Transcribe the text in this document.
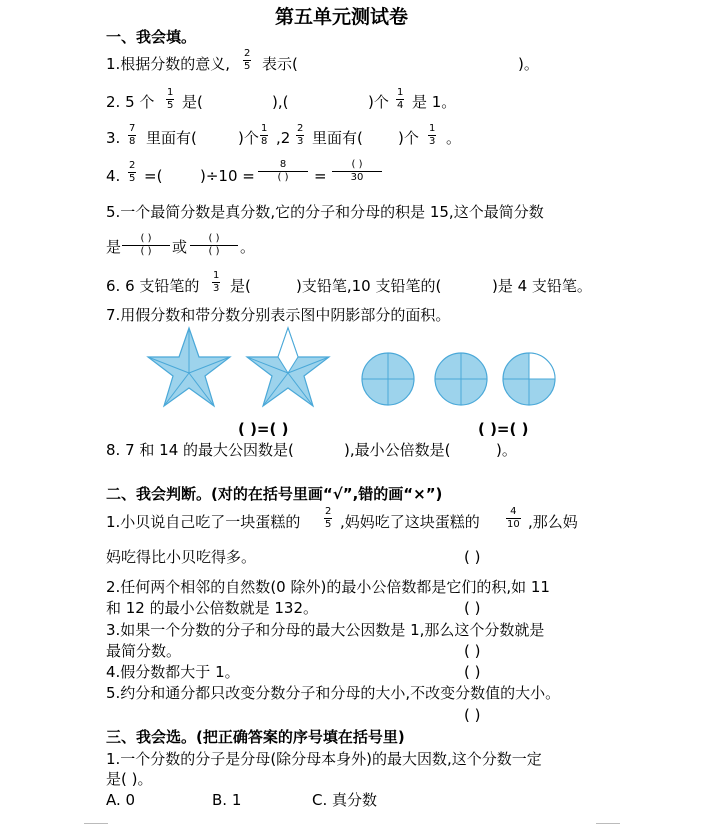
第五单元测试卷
一、我会填。
1.根据分数的意义,
2
5 表示(	)。
2. 5 个
1
5 是(	),(	)个
1
4 是 1。
3.
7
8 里面有(	)个
1
8 ,2
2
3 里面有( )个
1
3 。
4.
2
5 =(	)÷10 =
8
( )	=
( )
30
5.一个最简分数是真分数,它的分子和分母的积是 15,这个最简分数
是	( )
( )	或	( )
( )	。
6. 6 支铅笔的
1
3 是(	)支铅笔,10 支铅笔的(	)是 4 支铅笔。
7.用假分数和带分数分别表示图中阴影部分的面积。
( )=( )	( )=( )
8. 7 和 14 的最大公因数是(	),最小公倍数是(	)。
二、我会判断。(对的在括号里画“√”,错的画“×”)
1.小贝说自己吃了一块蛋糕的
2
5 ,妈妈吃了这块蛋糕的
4
10 ,那么妈
妈吃得比小贝吃得多。	( )
2.任何两个相邻的自然数(0 除外)的最小公倍数都是它们的积,如 11
和 12 的最小公倍数就是 132。	( )
3.如果一个分数的分子和分母的最大公因数是 1,那么这个分数就是
最简分数。	( )
4.假分数都大于 1。	( )
5.约分和通分都只改变分数分子和分母的大小,不改变分数值的大小。
( )
三、我会选。(把正确答案的序号填在括号里)
1.一个分数的分子是分母(除分母本身外)的最大因数,这个分数一定
是( )。
A. 0	B. 1	C. 真分数
